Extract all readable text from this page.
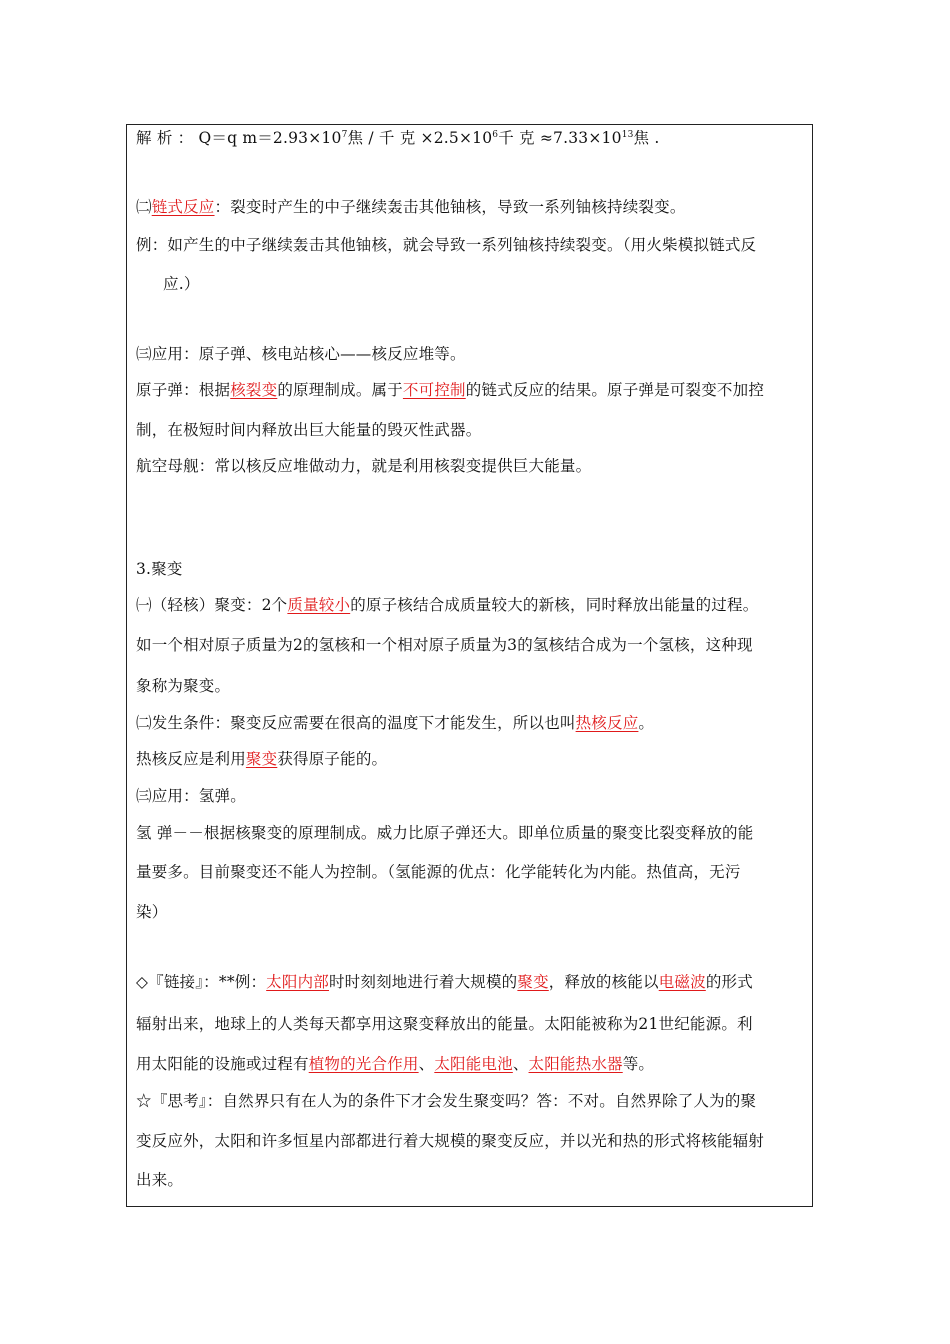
解 析 ： Q＝q $m=2.93\times 10^7$焦 / 千 克 $\times 2.5\times 10^6$千 克 $\approx 7.33\times 10^{13}$焦 .
㈡链式反应：裂变时产生的中子继续轰击其他铀核，导致一系列铀核持续裂变。
例：如产生的中子继续轰击其他铀核，就会导致一系列铀核持续裂变。（用火柴模拟链式反
应.）
㈢应用：原子弹、核电站核心——核反应堆等。
原子弹：根据核裂变的原理制成。属于不可控制的链式反应的结果。原子弹是可裂变不加控
制，在极短时间内释放出巨大能量的毁灭性武器。
航空母舰：常以核反应堆做动力，就是利用核裂变提供巨大能量。
3.聚变
㈠（轻核）聚变：2个质量较小的原子核结合成质量较大的新核，同时释放出能量的过程。
如一个相对原子质量为2的氢核和一个相对原子质量为3的氢核结合成为一个氢核，这种现
象称为聚变。
㈡发生条件：聚变反应需要在很高的温度下才能发生，所以也叫热核反应。
热核反应是利用聚变获得原子能的。
㈢应用：氢弹。
氢 弹－－根据核聚变的原理制成。威力比原子弹还大。即单位质量的聚变比裂变释放的能
量要多。目前聚变还不能人为控制。（氢能源的优点：化学能转化为内能。热值高，无污
染）
◇『链接』：**例：太阳内部时时刻刻地进行着大规模的聚变，释放的核能以电磁波的形式
辐射出来，地球上的人类每天都享用这聚变释放出的能量。太阳能被称为21世纪能源。利
用太阳能的设施或过程有植物的光合作用、太阳能电池、太阳能热水器等。
☆『思考』：自然界只有在人为的条件下才会发生聚变吗？答：不对。自然界除了人为的聚
变反应外，太阳和许多恒星内部都进行着大规模的聚变反应，并以光和热的形式将核能辐射
出来。
